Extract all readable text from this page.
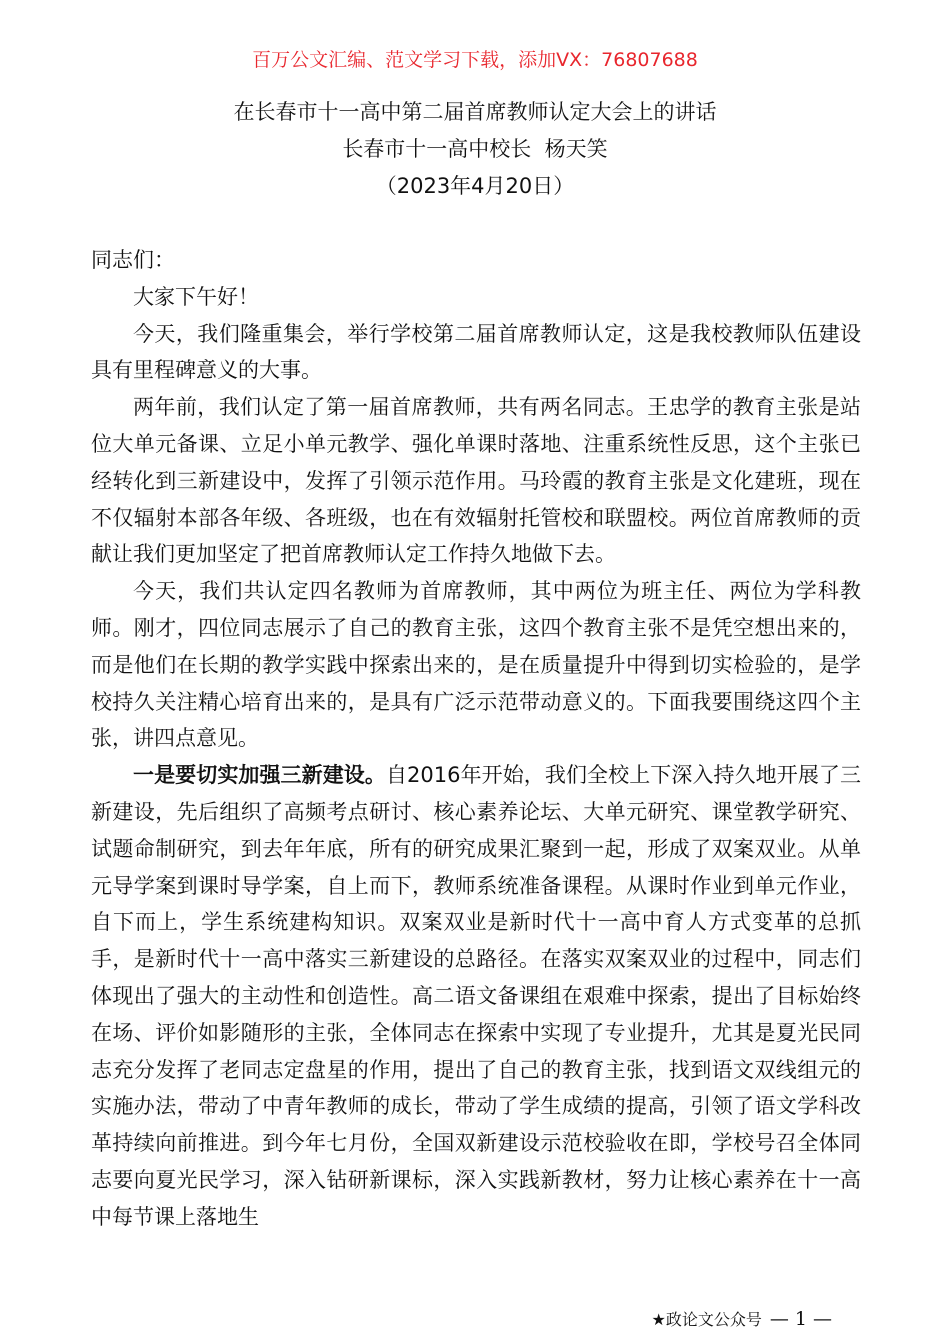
百万公文汇编、范文学习下载，添加VX：76807688
在长春市十一高中第二届首席教师认定大会上的讲话
长春市十一高中校长  杨天笑
（2023年4月20日）

同志们：

大家下午好！

今天，我们隆重集会，举行学校第二届首席教师认定，这是我校教师队伍建设具有里程碑意义的大事。

两年前，我们认定了第一届首席教师，共有两名同志。王忠学的教育主张是站位大单元备课、立足小单元教学、强化单课时落地、注重系统性反思，这个主张已经转化到三新建设中，发挥了引领示范作用。马玲霞的教育主张是文化建班，现在不仅辐射本部各年级、各班级，也在有效辐射托管校和联盟校。两位首席教师的贡献让我们更加坚定了把首席教师认定工作持久地做下去。

今天，我们共认定四名教师为首席教师，其中两位为班主任、两位为学科教师。刚才，四位同志展示了自己的教育主张，这四个教育主张不是凭空想出来的，而是他们在长期的教学实践中探索出来的，是在质量提升中得到切实检验的，是学校持久关注精心培育出来的，是具有广泛示范带动意义的。下面我要围绕这四个主张，讲四点意见。

一是要切实加强三新建设。自2016年开始，我们全校上下深入持久地开展了三新建设，先后组织了高频考点研讨、核心素养论坛、大单元研究、课堂教学研究、试题命制研究，到去年年底，所有的研究成果汇聚到一起，形成了双案双业。从单元导学案到课时导学案，自上而下，教师系统准备课程。从课时作业到单元作业，自下而上，学生系统建构知识。双案双业是新时代十一高中育人方式变革的总抓手，是新时代十一高中落实三新建设的总路径。在落实双案双业的过程中，同志们体现出了强大的主动性和创造性。高二语文备课组在艰难中探索，提出了目标始终在场、评价如影随形的主张，全体同志在探索中实现了专业提升，尤其是夏光民同志充分发挥了老同志定盘星的作用，提出了自己的教育主张，找到语文双线组元的实施办法，带动了中青年教师的成长，带动了学生成绩的提高，引领了语文学科改革持续向前推进。到今年七月份，全国双新建设示范校验收在即，学校号召全体同志要向夏光民学习，深入钻研新课标，深入实践新教材，努力让核心素养在十一高中每节课上落地生

★政论文公众号 — 1 —
